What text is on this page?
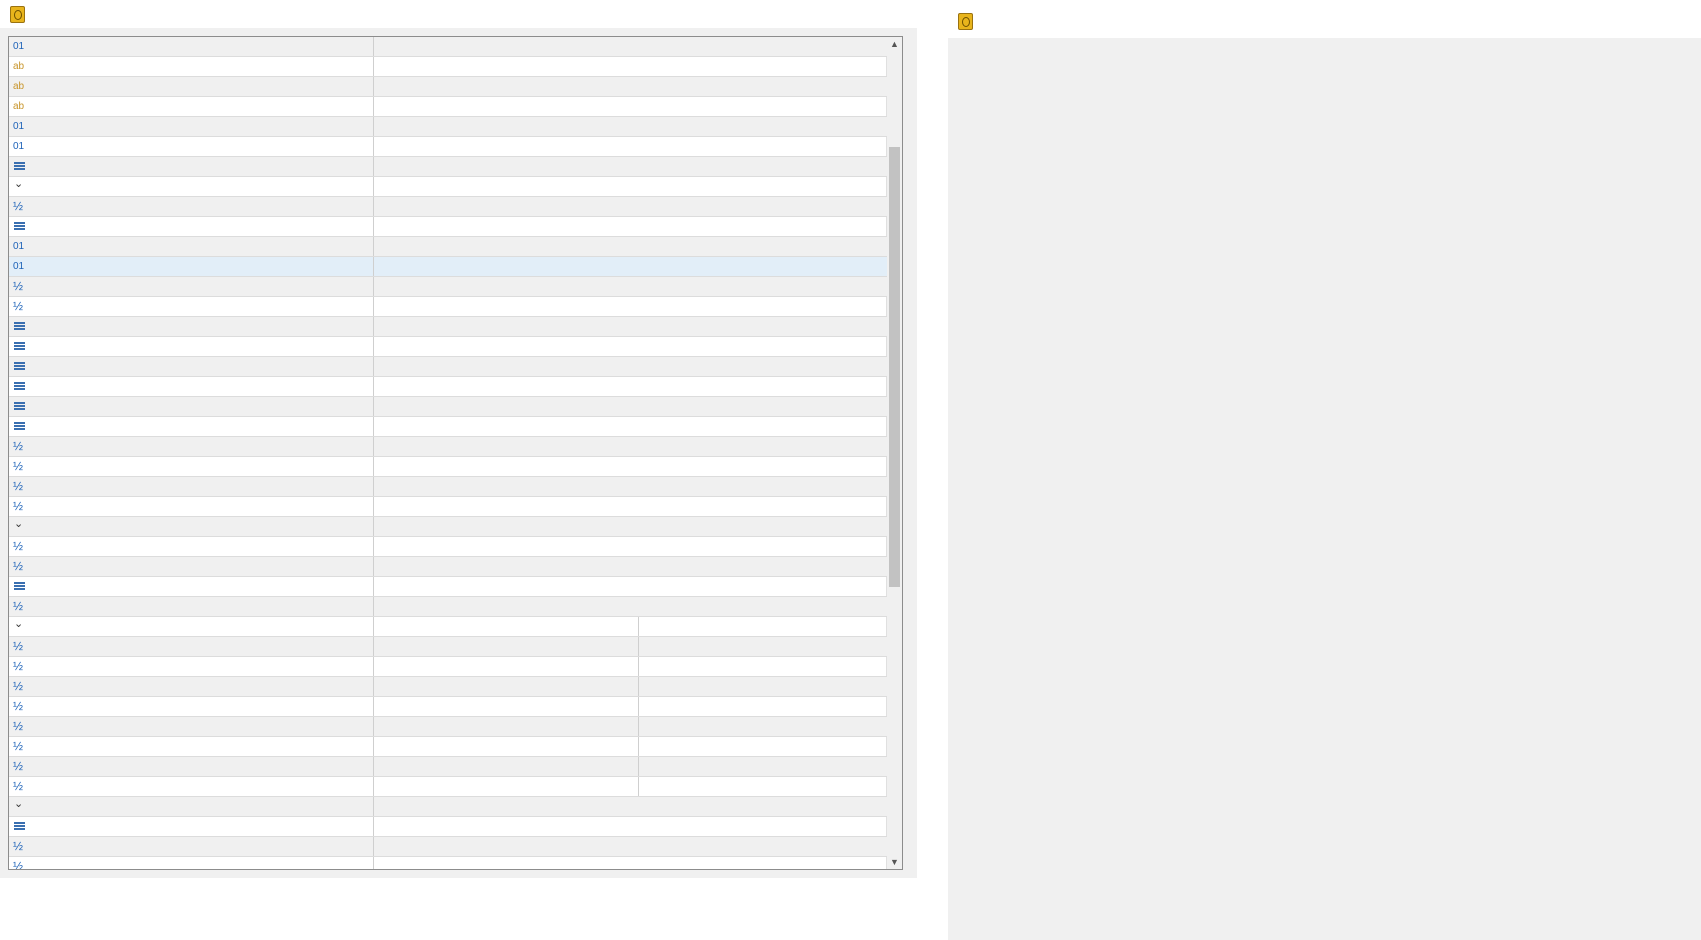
▲
▼
01
ab
ab
ab
01
01
⌄
½
01
01
½
½
½
½
½
½
⌄
½
½
½
⌄
½
½
½
½
½
½
½
½
⌄
½
½
